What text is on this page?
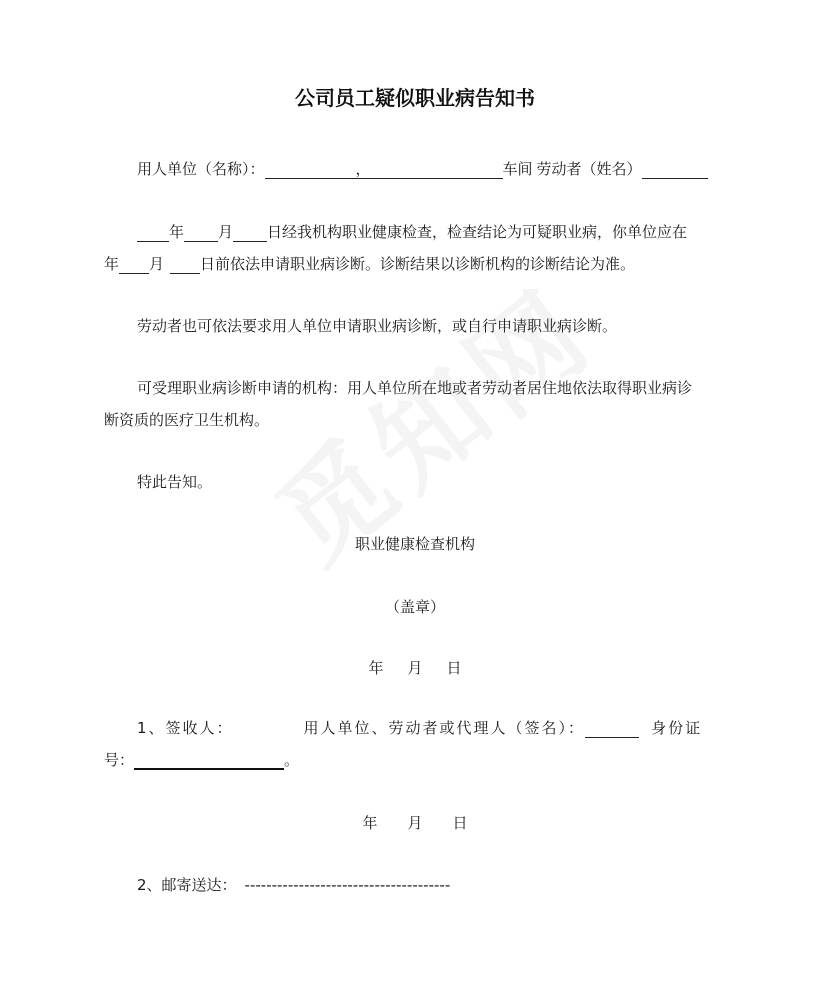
公司员工疑似职业病告知书
用人单位（名称）：	，	车间 劳动者（姓名）
年 月 日经我机构职业健康检查，检查结论为可疑职业病，你单位应在
年 月 日前依法申请职业病诊断。诊断结果以诊断机构的诊断结论为准。
劳动者也可依法要求用人单位申请职业病诊断，或自行申请职业病诊断。
可受理职业病诊断申请的机构：用人单位所在地或者劳动者居住地依法取得职业病诊
断资质的医疗卫生机构。
特此告知。
职业健康检查机构
（盖章）
年 月 日
1、签收人：	用人单位、劳动者或代理人（签名）：	身份证
号：	。
年 月 日
2、邮寄送达： --------------------------------------
